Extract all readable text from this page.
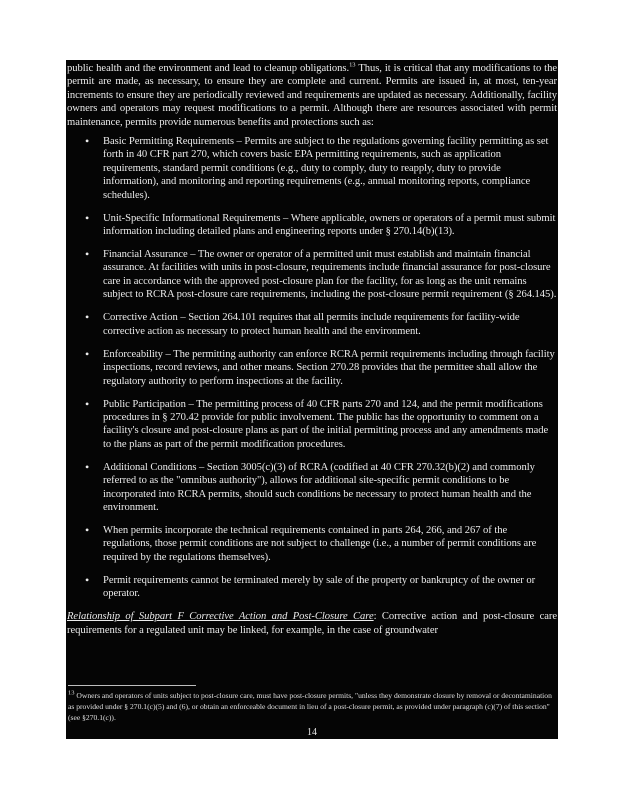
public health and the environment and lead to cleanup obligations.$^{13}$ Thus, it is critical that any modifications to the permit are made, as necessary, to ensure they are complete and current. Permits are issued in, at most, ten-year increments to ensure they are periodically reviewed and requirements are updated as necessary. Additionally, facility owners and operators may request modifications to a permit. Although there are resources associated with permit maintenance, permits provide numerous benefits and protections such as:

• Basic Permitting Requirements – Permits are subject to the regulations governing facility permitting as set forth in 40 CFR part 270, which covers basic EPA permitting requirements, such as application requirements, standard permit conditions (e.g., duty to comply, duty to reapply, duty to provide information), and monitoring and reporting requirements (e.g., annual monitoring reports, compliance schedules).
• Unit-Specific Informational Requirements – Where applicable, owners or operators of a permit must submit information including detailed plans and engineering reports under § 270.14(b)(13).
• Financial Assurance – The owner or operator of a permitted unit must establish and maintain financial assurance. At facilities with units in post-closure, requirements include financial assurance for post-closure care in accordance with the approved post-closure plan for the facility, for as long as the unit remains subject to RCRA post-closure care requirements, including the post-closure permit requirement (§ 264.145).
• Corrective Action – Section 264.101 requires that all permits include requirements for facility-wide corrective action as necessary to protect human health and the environment.
• Enforceability – The permitting authority can enforce RCRA permit requirements including through facility inspections, record reviews, and other means. Section 270.28 provides that the permittee shall allow the regulatory authority to perform inspections at the facility.
• Public Participation – The permitting process of 40 CFR parts 270 and 124, and the permit modifications procedures in § 270.42 provide for public involvement. The public has the opportunity to comment on a facility's closure and post-closure plans as part of the initial permitting process and any amendments made to the plans as part of the permit modification procedures.
• Additional Conditions – Section 3005(c)(3) of RCRA (codified at 40 CFR 270.32(b)(2) and commonly referred to as the "omnibus authority"), allows for additional site-specific permit conditions to be incorporated into RCRA permits, should such conditions be necessary to protect human health and the environment.
• When permits incorporate the technical requirements contained in parts 264, 266, and 267 of the regulations, those permit conditions are not subject to challenge (i.e., a number of permit conditions are required by the regulations themselves).
• Permit requirements cannot be terminated merely by sale of the property or bankruptcy of the owner or operator.

Relationship of Subpart F Corrective Action and Post-Closure Care: Corrective action and post-closure care requirements for a regulated unit may be linked, for example, in the case of groundwater

$^{13}$ Owners and operators of units subject to post-closure care, must have post-closure permits, "unless they demonstrate closure by removal or decontamination as provided under § 270.1(c)(5) and (6), or obtain an enforceable document in lieu of a post-closure permit, as provided under paragraph (c)(7) of this section" (see §270.1(c)).
14
